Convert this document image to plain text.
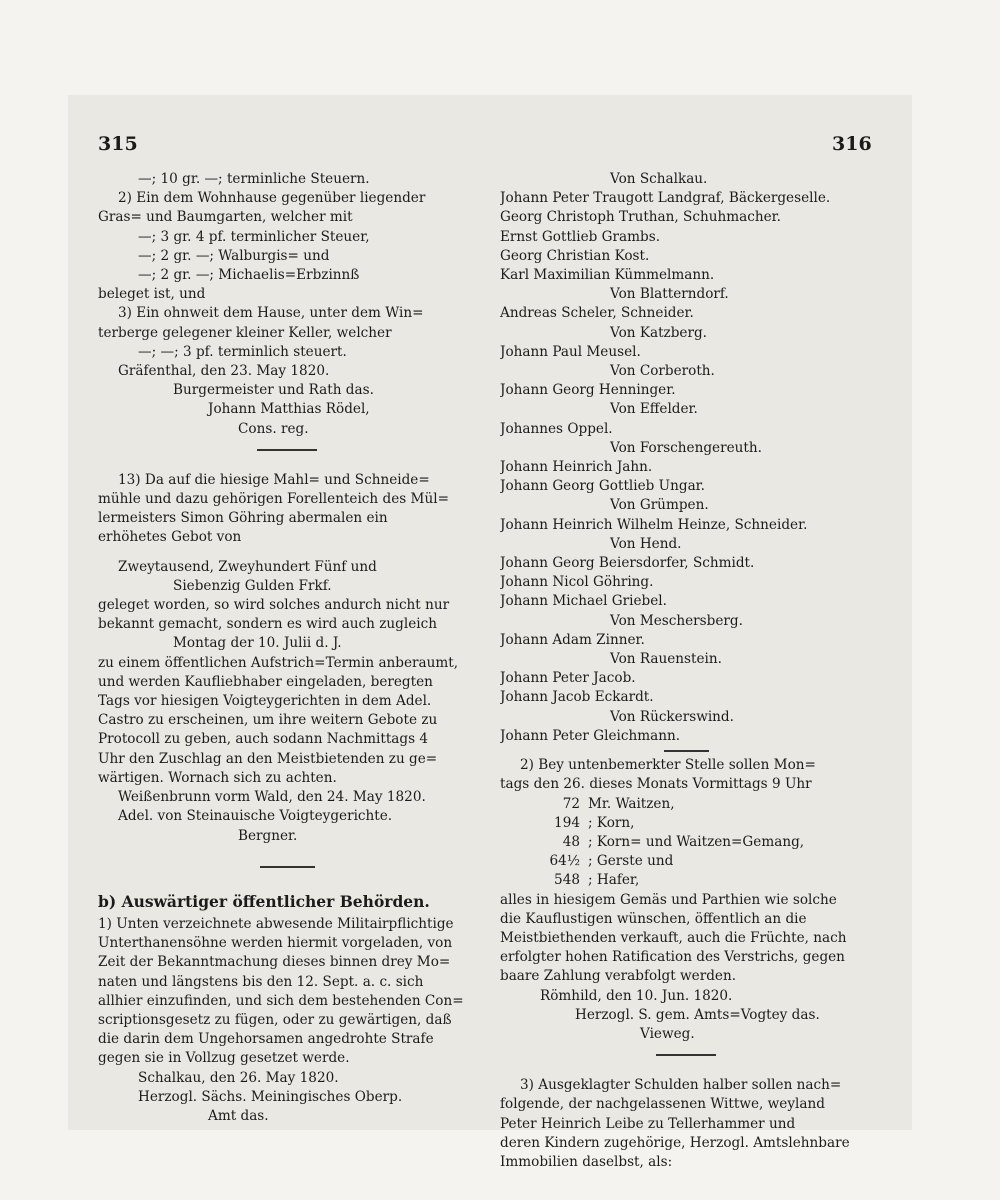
315	316
—; 10 gr. —; terminliche Steuern.
2) Ein dem Wohnhause gegenüber liegender
Gras= und Baumgarten, welcher mit
—; 3 gr. 4 pf. terminlicher Steuer,
—; 2 gr. —; Walburgis= und
—; 2 gr. —; Michaelis=Erbzinnß
beleget ist, und
3) Ein ohnweit dem Hause, unter dem Win=
terberge gelegener kleiner Keller, welcher
—; —; 3 pf. terminlich steuert.
Gräfenthal, den 23. May 1820.
Burgermeister und Rath das.
Johann Matthias Rödel,
Cons. reg.
13) Da auf die hiesige Mahl= und Schneide=
mühle und dazu gehörigen Forellenteich des Mül=
lermeisters Simon Göhring abermalen ein
erhöhetes Gebot von
Zweytausend, Zweyhundert Fünf und
Siebenzig Gulden Frkf.
geleget worden, so wird solches andurch nicht nur
bekannt gemacht, sondern es wird auch zugleich
Montag der 10. Julii d. J.
zu einem öffentlichen Aufstrich=Termin anberaumt,
und werden Kaufliebhaber eingeladen, beregten
Tags vor hiesigen Voigteygerichten in dem Adel.
Castro zu erscheinen, um ihre weitern Gebote zu
Protocoll zu geben, auch sodann Nachmittags 4
Uhr den Zuschlag an den Meistbietenden zu ge=
wärtigen. Wornach sich zu achten.
Weißenbrunn vorm Wald, den 24. May 1820.
Adel. von Steinauische Voigteygerichte.
Bergner.
b) Auswärtiger öffentlicher Behörden.
1) Unten verzeichnete abwesende Militairpflichtige
Unterthanensöhne werden hiermit vorgeladen, von
Zeit der Bekanntmachung dieses binnen drey Mo=
naten und längstens bis den 12. Sept. a. c. sich
allhier einzufinden, und sich dem bestehenden Con=
scriptionsgesetz zu fügen, oder zu gewärtigen, daß
die darin dem Ungehorsamen angedrohte Strafe
gegen sie in Vollzug gesetzet werde.
Schalkau, den 26. May 1820.
Herzogl. Sächs. Meiningisches Oberp.
Amt das.
Von Schalkau.
Johann Peter Traugott Landgraf, Bäckergeselle.
Georg Christoph Truthan, Schuhmacher.
Ernst Gottlieb Grambs.
Georg Christian Kost.
Karl Maximilian Kümmelmann.
Von Blatterndorf.
Andreas Scheler, Schneider.
Von Katzberg.
Johann Paul Meusel.
Von Corberoth.
Johann Georg Henninger.
Von Effelder.
Johannes Oppel.
Von Forschengereuth.
Johann Heinrich Jahn.
Johann Georg Gottlieb Ungar.
Von Grümpen.
Johann Heinrich Wilhelm Heinze, Schneider.
Von Hend.
Johann Georg Beiersdorfer, Schmidt.
Johann Nicol Göhring.
Johann Michael Griebel.
Von Meschersberg.
Johann Adam Zinner.
Von Rauenstein.
Johann Peter Jacob.
Johann Jacob Eckardt.
Von Rückerswind.
Johann Peter Gleichmann.
2) Bey untenbemerkter Stelle sollen Mon=
tags den 26. dieses Monats Vormittags 9 Uhr
72 Mr. Waitzen,
194 ; Korn,
48 ; Korn= und Waitzen=Gemang,
64½ ; Gerste und
548 ; Hafer,
alles in hiesigem Gemäs und Parthien wie solche
die Kauflustigen wünschen, öffentlich an die
Meistbiethenden verkauft, auch die Früchte, nach
erfolgter hohen Ratification des Verstrichs, gegen
baare Zahlung verabfolgt werden.
Römhild, den 10. Jun. 1820.
Herzogl. S. gem. Amts=Vogtey das.
Vieweg.
3) Ausgeklagter Schulden halber sollen nach=
folgende, der nachgelassenen Wittwe, weyland
Peter Heinrich Leibe zu Tellerhammer und
deren Kindern zugehörige, Herzogl. Amtslehnbare
Immobilien daselbst, als:
